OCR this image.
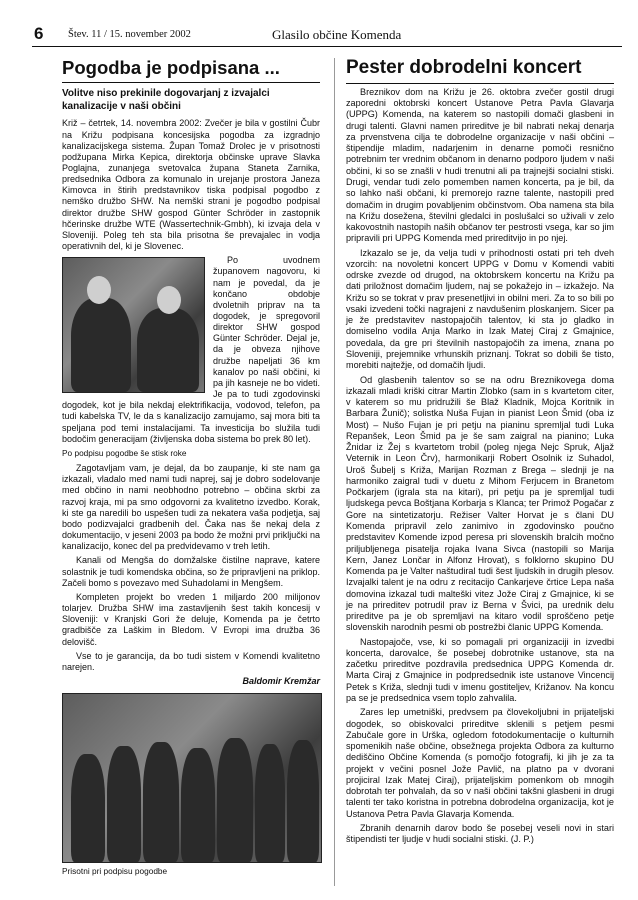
6 Štev. 11 / 15. november 2002	Glasilo občine Komenda
Pogodba je podpisana ...
Volitve niso prekinile dogovarjanj z izvajalci kanalizacije v naši občini

Križ – četrtek, 14. novembra 2002: Zvečer je bila v gostilni Čubr na Križu podpisana koncesijska pogodba za izgradnjo kanalizacijskega sistema. Župan Tomaž Drolec je v prisotnosti podžupana Mirka Kepica, direktorja občinske uprave Slavka Poglajna, zunanjega svetovalca župana Staneta Zarnika, predsednika Odbora za komunalo in urejanje prostora Janeza Kimovca in štirih predstavnikov tiska podpisal pogodbo z nemško družbo SHW. Na nemški strani je pogodbo podpisal direktor družbe SHW gospod Günter Schröder in zastopnik hčerinske družbe WTE (Wassertechnik-Gmbh), ki izvaja dela v Sloveniji. Poleg teh sta bila prisotna še prevajalec in vodja operativnih del, ki je Slovenec.

Po uvodnem županovem nagovoru, ki nam je povedal, da je končano obdobje dvoletnih priprav na ta dogodek, je spregovoril direktor SHW gospod Günter Schröder. Dejal je, da je obveza njihove družbe napeljati 36 km kanalov po naši občini, ki pa jih kasneje ne bo videti. Je pa to tudi zgodovinski dogodek, kot je bila nekdaj elektrifikacija, vodovod, telefon, pa tudi kabelska TV, le da s kanalizacijo zamujamo, saj mora biti ta speljana pod temi instalacijami. Ta investicija bo služila tudi bodočim generacijam (življenska doba sistema bo prek 80 let).

Po podpisu pogodbe še stisk roke

Zagotavljam vam, je dejal, da bo zaupanje, ki ste nam ga izkazali, vladalo med nami tudi naprej, saj je dobro sodelovanje med občino in nami neobhodno potrebno – občina skrbi za razvoj kraja, mi pa smo odgovorni za kvalitetno izvedbo. Korak, ki ste ga naredili bo uspešen tudi za nekatera vaša podjetja, saj bodo podizvajalci gradbenih del. Čaka nas še nekaj dela z dokumentacijo, v jeseni 2003 pa bodo že možni prvi priključki na kanalizacijo, konec del pa predvidevamo v treh letih.

Kanali od Mengša do domžalske čistilne naprave, katere solastnik je tudi komendska občina, so že pripravljeni na priklop. Začeli bomo s povezavo med Suhadolami in Mengšem.

Kompleten projekt bo vreden 1 miljardo 200 milijonov tolarjev. Družba SHW ima zastavljenih šest takih koncesij v Sloveniji: v Kranjski Gori že deluje, Komenda pa je četrto gradbišče za Laškim in Bledom. V Evropi ima družba 36 delovišč.

Vse to je garancija, da bo tudi sistem v Komendi kvalitetno narejen.

Baldomir Kremžar
Prisotni pri podpisu pogodbe
Pester dobrodelni koncert

Breznikov dom na Križu je 26. oktobra zvečer gostil drugi zaporedni oktobrski koncert Ustanove Petra Pavla Glavarja (UPPG) Komenda, na katerem so nastopili domači glasbeni in drugi talenti. Glavni namen prireditve je bil nabrati nekaj denarja za prvenstvena cilja te dobrodelne organizacije v naši občini – štipendije mladim, nadarjenim in denarne pomoči resnično potrebnim ter vrednim občanom in denarno podporo ljudem v naši občini, ki so se znašli v hudi trenutni ali pa trajnejši socialni stiski. Drugi, vendar tudi zelo pomemben namen koncerta, pa je bil, da so lahko naši občani, ki premorejo razne talente, nastopili pred domačim in drugim povabljenim občinstvom. Oba namena sta bila na Križu dosežena, številni gledalci in poslušalci so uživali v zelo kakovostnih nastopih naših občanov ter pestrosti vsega, kar so jim pripravili pri UPPG Komenda med prireditvijo in po njej.

Izkazalo se je, da velja tudi v prihodnosti ostati pri teh dveh vzorcih: na novoletni koncert UPPG v Domu v Komendi vabiti odrske zvezde od drugod, na oktobrskem koncertu na Križu pa dati priložnost domačim ljudem, naj se pokažejo in – izkažejo. Na Križu so se tokrat v prav presenetljivi in obilni meri. Za to so bili po vsaki izvedeni točki nagrajeni z navdušenim ploskanjem. Sicer pa je že predstavitev nastopajočih talentov, ki sta jo gladko in domiselno vodila Anja Marko in Izak Matej Ciraj z Gmajnice, povedala, da gre pri številnih nastopajočih za imena, znana po Sloveniji, prejemnike vrhunskih priznanj. Tokrat so dobili še tisto, morebiti najtežje, od domačih ljudi.

Od glasbenih talentov so se na odru Breznikovega doma izkazali mladi kriški citrar Martin Zlobko (sam in s kvartetom citer, v katerem so mu pridružili še Blaž Kladnik, Mojca Koritnik in Barbara Žunič); solistka Nuša Fujan in pianist Leon Šmid (oba iz Most) – Nušo Fujan je pri petju na pianinu spremljal tudi Luka Repanšek, Leon Šmid pa je še sam zaigral na pianino; Luka Žnidar iz Žej s kvartetom trobil (poleg njega Nejc Spruk, Aljaž Veternik in Leon Črv), harmonikarji Robert Osolnik iz Suhadol, Uroš Šubelj s Križa, Marijan Rozman z Brega – slednji je na harmoniko zaigral tudi v duetu z Mihom Ferjucem in Branetom Počkarjem (igrala sta na kitari), pri petju pa je spremljal tudi ljudskega pevca Boštjana Korbarja s Klanca; ter Primož Pogačar z Gore na sintetizatorju. Režiser Valter Horvat je s člani DU Komenda pripravil zelo zanimivo in zgodovinsko poučno predstavitev Komende izpod peresa pri slovenskih bralcih močno priljubljenega pisatelja rojaka Ivana Sivca (nastopili so Marija Kern, Janez Lončar in Alfonz Hrovat), s folklorno skupino DU Komenda pa je Valter naštudiral tudi šest ljudskih in drugih plesov. Izvajalki talent je na odru z recitacijo Cankarjeve črtice Lepa naša domovina izkazal tudi malteški vitez Jože Ciraj z Gmajnice, ki se je na prireditev potrudil prav iz Berna v Švici, pa urednik delu prireditve pa je ob spremljavi na kitaro vodil sproščeno petje slovenskih narodnih pesmi ob postrežbi članic UPPG Komenda.

Nastopajoče, vse, ki so pomagali pri organizaciji in izvedbi koncerta, darovalce, še posebej dobrotnike ustanove, sta na začetku prireditve pozdravila predsednica UPPG Komenda dr. Marta Ciraj z Gmajnice in podpredsednik iste ustanove Vincencij Petek s Križa, slednji tudi v imenu gostiteljev, Križanov. Na koncu pa se je predsednica vsem toplo zahvalila.

Zares lep umetniški, predvsem pa človekoljubni in prijateljski dogodek, so obiskovalci prireditve sklenili s petjem pesmi Zabučale gore in Urška, ogledom fotodokumentacije o kulturnih spomenikih naše občine, obsežnega projekta Odbora za kulturno dediščino Občine Komenda (s pomočjo fotografij, ki jih je za ta projekt v večini posnel Jože Pavlič, na platno pa v dvorani projiciral Izak Matej Ciraj), prijateljskim pomenkom ob mnogih dobrotah ter pohvalah, da so v naši občini takšni glasbeni in drugi talenti ter tako koristna in potrebna dobrodelna organizacija, kot je Ustanova Petra Pavla Glavarja Komenda.

Zbranih denarnih darov bodo še posebej veseli novi in stari štipendisti ter ljudje v hudi socialni stiski. (J. P.)
